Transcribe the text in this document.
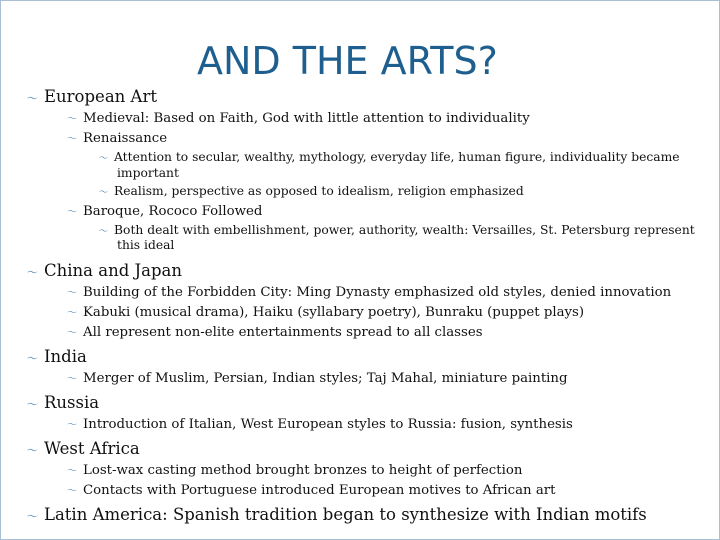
AND THE ARTS?
〜 European Art
〜 Medieval: Based on Faith, God with little attention to individuality
〜 Renaissance
〜 Attention to secular, wealthy, mythology, everyday life, human figure, individuality became
important
〜 Realism, perspective as opposed to idealism, religion emphasized
〜 Baroque, Rococo Followed
〜 Both dealt with embellishment, power, authority, wealth: Versailles, St. Petersburg represent
this ideal
〜 China and Japan
〜 Building of the Forbidden City: Ming Dynasty emphasized old styles, denied innovation
〜 Kabuki (musical drama), Haiku (syllabary poetry), Bunraku (puppet plays)
〜 All represent non-elite entertainments spread to all classes
〜 India
〜 Merger of Muslim, Persian, Indian styles; Taj Mahal, miniature painting
〜 Russia
〜 Introduction of Italian, West European styles to Russia: fusion, synthesis
〜 West Africa
〜 Lost-wax casting method brought bronzes to height of perfection
〜 Contacts with Portuguese introduced European motives to African art
〜 Latin America: Spanish tradition began to synthesize with Indian motifs
